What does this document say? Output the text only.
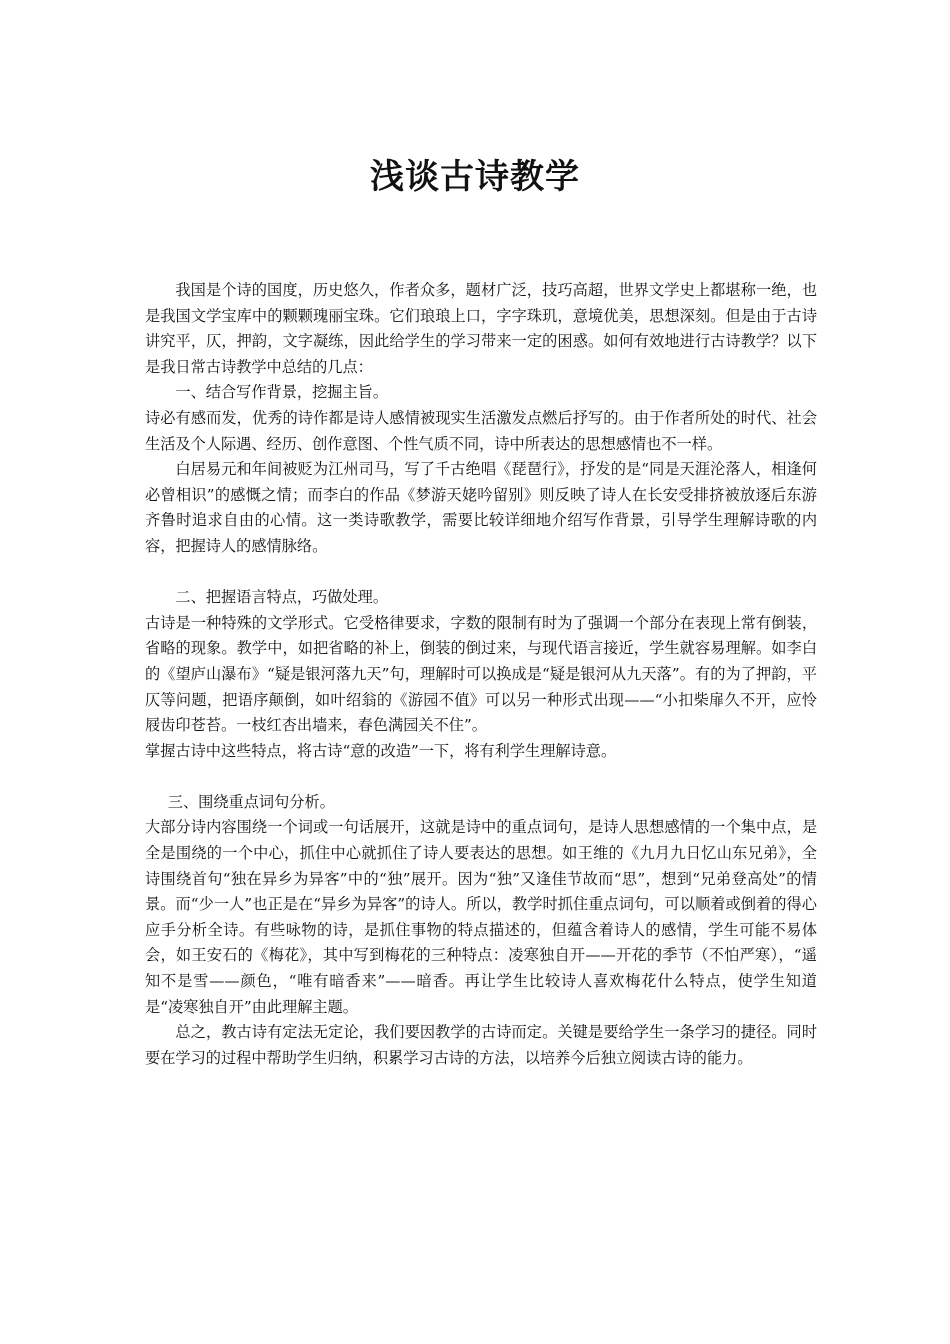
浅谈古诗教学

我国是个诗的国度，历史悠久，作者众多，题材广泛，技巧高超，世界文学史上都堪称一绝，也是我国文学宝库中的颗颗瑰丽宝珠。它们琅琅上口，字字珠玑，意境优美，思想深刻。但是由于古诗讲究平，仄，押韵，文字凝练，因此给学生的学习带来一定的困惑。如何有效地进行古诗教学？以下是我日常古诗教学中总结的几点：

一、结合写作背景，挖掘主旨。

诗必有感而发，优秀的诗作都是诗人感情被现实生活激发点燃后抒写的。由于作者所处的时代、社会生活及个人际遇、经历、创作意图、个性气质不同，诗中所表达的思想感情也不一样。

白居易元和年间被贬为江州司马，写了千古绝唱《琵琶行》，抒发的是“同是天涯沦落人，相逢何必曾相识”的感慨之情；而李白的作品《梦游天姥吟留别》则反映了诗人在长安受排挤被放逐后东游齐鲁时追求自由的心情。这一类诗歌教学，需要比较详细地介绍写作背景，引导学生理解诗歌的内容，把握诗人的感情脉络。

二、把握语言特点，巧做处理。

古诗是一种特殊的文学形式。它受格律要求，字数的限制有时为了强调一个部分在表现上常有倒装，省略的现象。教学中，如把省略的补上，倒装的倒过来，与现代语言接近，学生就容易理解。如李白的《望庐山瀑布》“疑是银河落九天”句，理解时可以换成是“疑是银河从九天落”。有的为了押韵，平仄等问题，把语序颠倒，如叶绍翁的《游园不值》可以另一种形式出现——“小扣柴扉久不开，应怜屐齿印苍苔。一枝红杏出墙来，春色满园关不住”。

掌握古诗中这些特点，将古诗“意的改造”一下，将有利学生理解诗意。

三、围绕重点词句分析。

大部分诗内容围绕一个词或一句话展开，这就是诗中的重点词句，是诗人思想感情的一个集中点，是全是围绕的一个中心，抓住中心就抓住了诗人要表达的思想。如王维的《九月九日忆山东兄弟》，全诗围绕首句“独在异乡为异客”中的“独”展开。因为“独”又逢佳节故而“思”，想到“兄弟登高处”的情景。而“少一人”也正是在“异乡为异客”的诗人。所以，教学时抓住重点词句，可以顺着或倒着的得心应手分析全诗。有些咏物的诗，是抓住事物的特点描述的，但蕴含着诗人的感情，学生可能不易体会，如王安石的《梅花》，其中写到梅花的三种特点：凌寒独自开——开花的季节（不怕严寒），“遥知不是雪——颜色，“唯有暗香来”——暗香。再让学生比较诗人喜欢梅花什么特点，使学生知道是“凌寒独自开”由此理解主题。

总之，教古诗有定法无定论，我们要因教学的古诗而定。关键是要给学生一条学习的捷径。同时要在学习的过程中帮助学生归纳，积累学习古诗的方法，以培养今后独立阅读古诗的能力。
